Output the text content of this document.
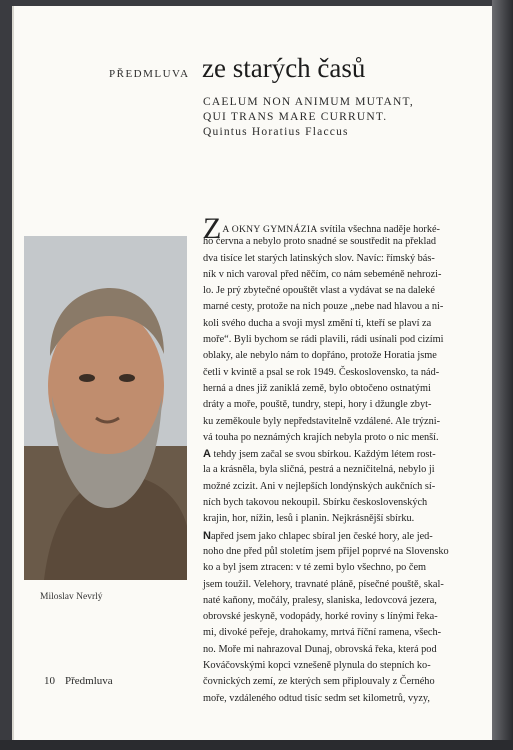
PŘEDMLUVA ze starých časů
CAELUM NON ANIMUM MUTANT,
QUI TRANS MARE CURRUNT.
Quintus Horatius Flaccus
Miloslav Nevrlý
ZA OKNY GYMNÁZIA svítila všechna naděje horké-
ho června a nebylo proto snadné se soustředit na překlad
dva tisíce let starých latinských slov. Navíc: římský bás-
ník v nich varoval před něčím, co nám sebeméně nehrozi-
lo. Je prý zbytečné opouštět vlast a vydávat se na daleké
marné cesty, protože na nich pouze „nebe nad hlavou a ni-
koli svého ducha a svoji mysl změní ti, kteří se plaví za
moře“. Byli bychom se rádi plavili, rádi usínali pod cizími
oblaky, ale nebylo nám to dopřáno, protože Horatia jsme
četli v kvintě a psal se rok 1949. Československo, ta nád-
herná a dnes již zaniklá země, bylo obtočeno ostnatými
dráty a moře, pouště, tundry, stepi, hory i džungle zbyt-
ku zeměkoule byly nepředstavitelně vzdálené. Ale trýzni-
vá touha po neznámých krajích nebyla proto o nic menší.
A tehdy jsem začal se svou sbírkou. Každým létem rost-
la a krásněla, byla sličná, pestrá a nezničitelná, nebylo ji
možné zcizit. Ani v nejlepších londýnských aukčních sí-
ních bych takovou nekoupil. Sbírku československých
krajin, hor, nížin, lesů i planin. Nejkrásnější sbírku.
Napřed jsem jako chlapec sbíral jen české hory, ale jed-
noho dne před půl stoletím jsem přijel poprvé na Slovensko
ko a byl jsem ztracen: v té zemi bylo všechno, po čem
jsem toužil. Velehory, travnaté pláně, písečné pouště, skal-
naté kaňony, močály, pralesy, slaniska, ledovcová jezera,
obrovské jeskyně, vodopády, horké roviny s línými řeka-
mi, divoké peřeje, drahokamy, mrtvá říční ramena, všech-
no. Moře mi nahrazoval Dunaj, obrovská řeka, která pod
Kováčovskými kopci vznešeně plynula do stepních ko-
čovnických zemí, ze kterých sem připlouvaly z Černého
moře, vzdáleného odtud tisíc sedm set kilometrů, vyzy,
10 Předmluva
